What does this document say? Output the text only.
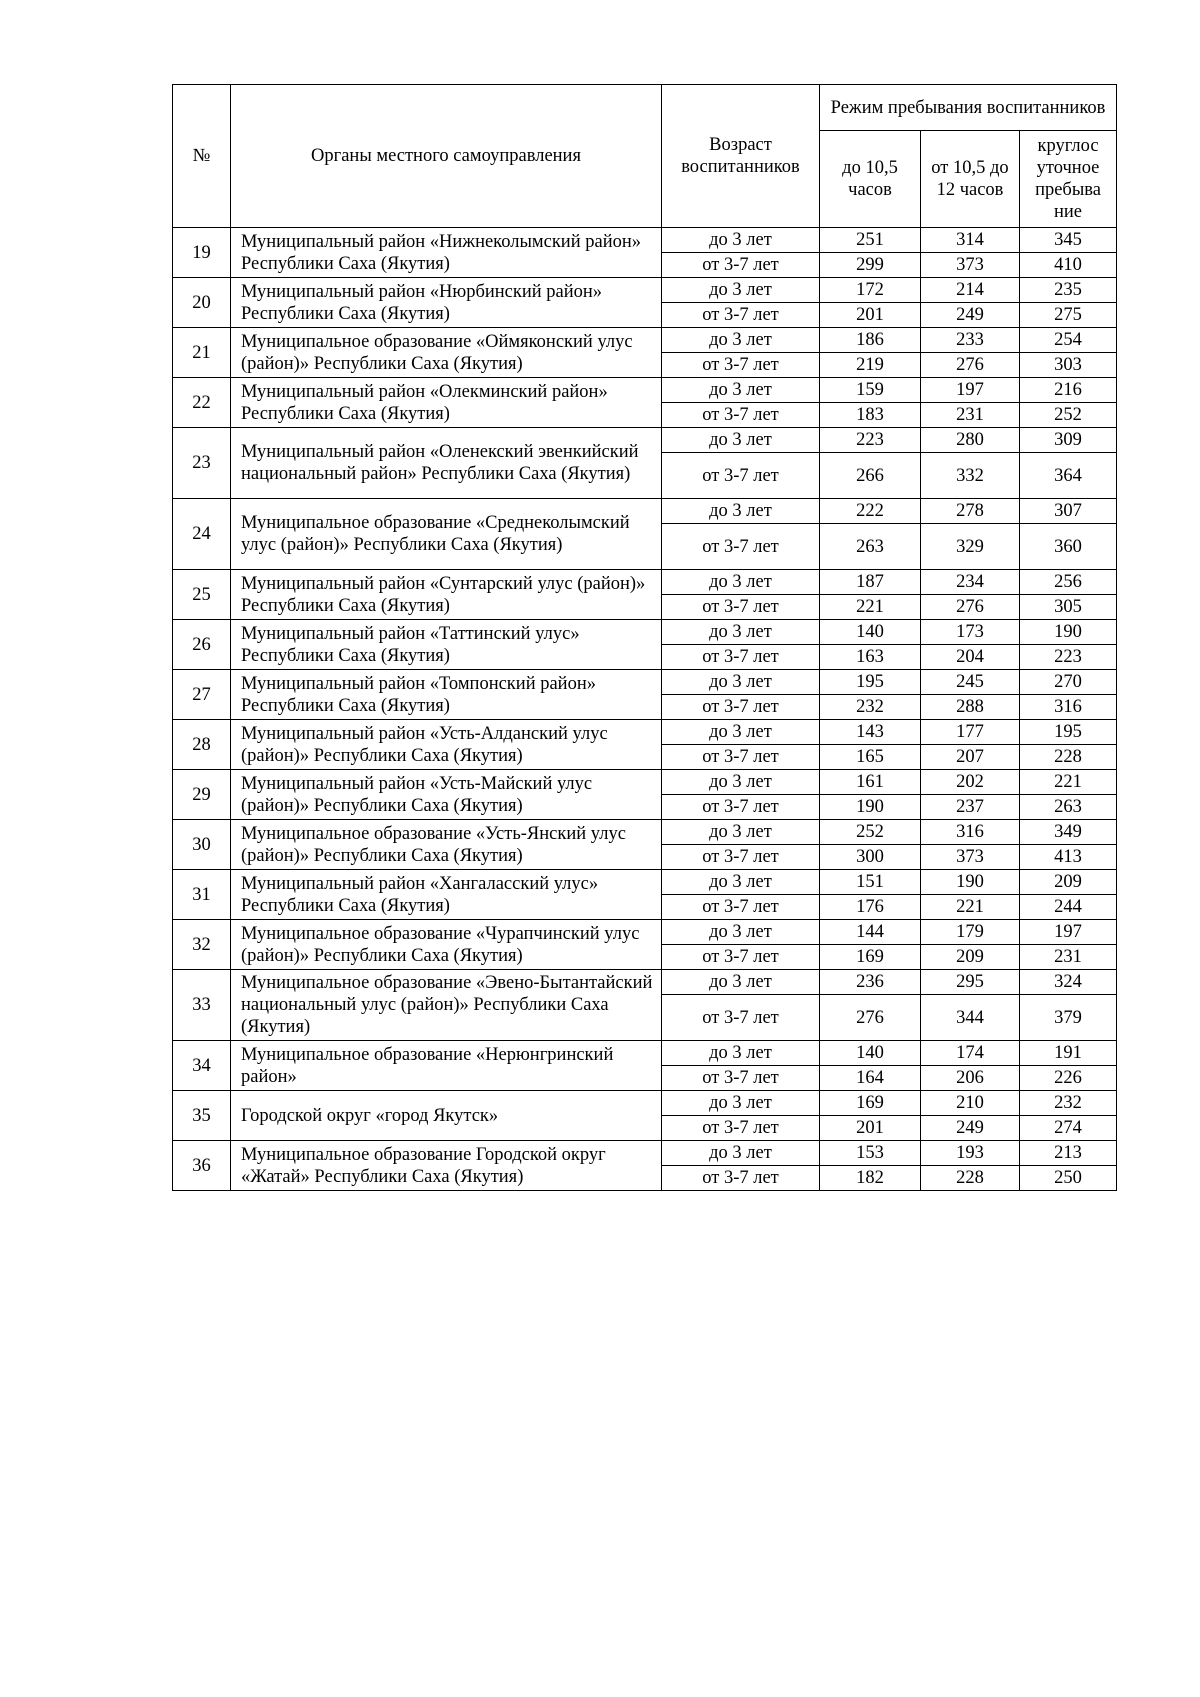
№	Органы местного самоуправления	Возраст воспитанников	Режим пребывания воспитанников		
			до 10,5 часов	от 10,5 до 12 часов	круглос уточное пребыва ние
19	Муниципальный район «Нижнеколымский район» Республики Саха (Якутия)	до 3 лет	251	314	345
		от 3-7 лет	299	373	410
20	Муниципальный район «Нюрбинский район» Республики Саха (Якутия)	до 3 лет	172	214	235
		от 3-7 лет	201	249	275
21	Муниципальное образование «Оймяконский улус (район)» Республики Саха (Якутия)	до 3 лет	186	233	254
		от 3-7 лет	219	276	303
22	Муниципальный район «Олекминский район» Республики Саха (Якутия)	до 3 лет	159	197	216
		от 3-7 лет	183	231	252
23	Муниципальный район «Оленекский эвенкийский национальный район» Республики Саха (Якутия)	до 3 лет	223	280	309
		от 3-7 лет	266	332	364
24	Муниципальное образование «Среднеколымский улус (район)» Республики Саха (Якутия)	до 3 лет	222	278	307
		от 3-7 лет	263	329	360
25	Муниципальный район «Сунтарский улус (район)» Республики Саха (Якутия)	до 3 лет	187	234	256
		от 3-7 лет	221	276	305
26	Муниципальный район «Таттинский улус» Республики Саха (Якутия)	до 3 лет	140	173	190
		от 3-7 лет	163	204	223
27	Муниципальный район «Томпонский район» Республики Саха (Якутия)	до 3 лет	195	245	270
		от 3-7 лет	232	288	316
28	Муниципальный район «Усть-Алданский улус (район)» Республики Саха (Якутия)	до 3 лет	143	177	195
		от 3-7 лет	165	207	228
29	Муниципальный район «Усть-Майский улус (район)» Республики Саха (Якутия)	до 3 лет	161	202	221
		от 3-7 лет	190	237	263
30	Муниципальное образование «Усть-Янский улус (район)» Республики Саха (Якутия)	до 3 лет	252	316	349
		от 3-7 лет	300	373	413
31	Муниципальный район «Хангаласский улус» Республики Саха (Якутия)	до 3 лет	151	190	209
		от 3-7 лет	176	221	244
32	Муниципальное образование «Чурапчинский улус (район)» Республики Саха (Якутия)	до 3 лет	144	179	197
		от 3-7 лет	169	209	231
33	Муниципальное образование «Эвено-Бытантайский национальный улус (район)» Республики Саха (Якутия)	до 3 лет	236	295	324
		от 3-7 лет	276	344	379
34	Муниципальное образование «Нерюнгринский район»	до 3 лет	140	174	191
		от 3-7 лет	164	206	226
35	Городской округ «город Якутск»	до 3 лет	169	210	232
		от 3-7 лет	201	249	274
36	Муниципальное образование Городской округ «Жатай» Республики Саха (Якутия)	до 3 лет	153	193	213
		от 3-7 лет	182	228	250
